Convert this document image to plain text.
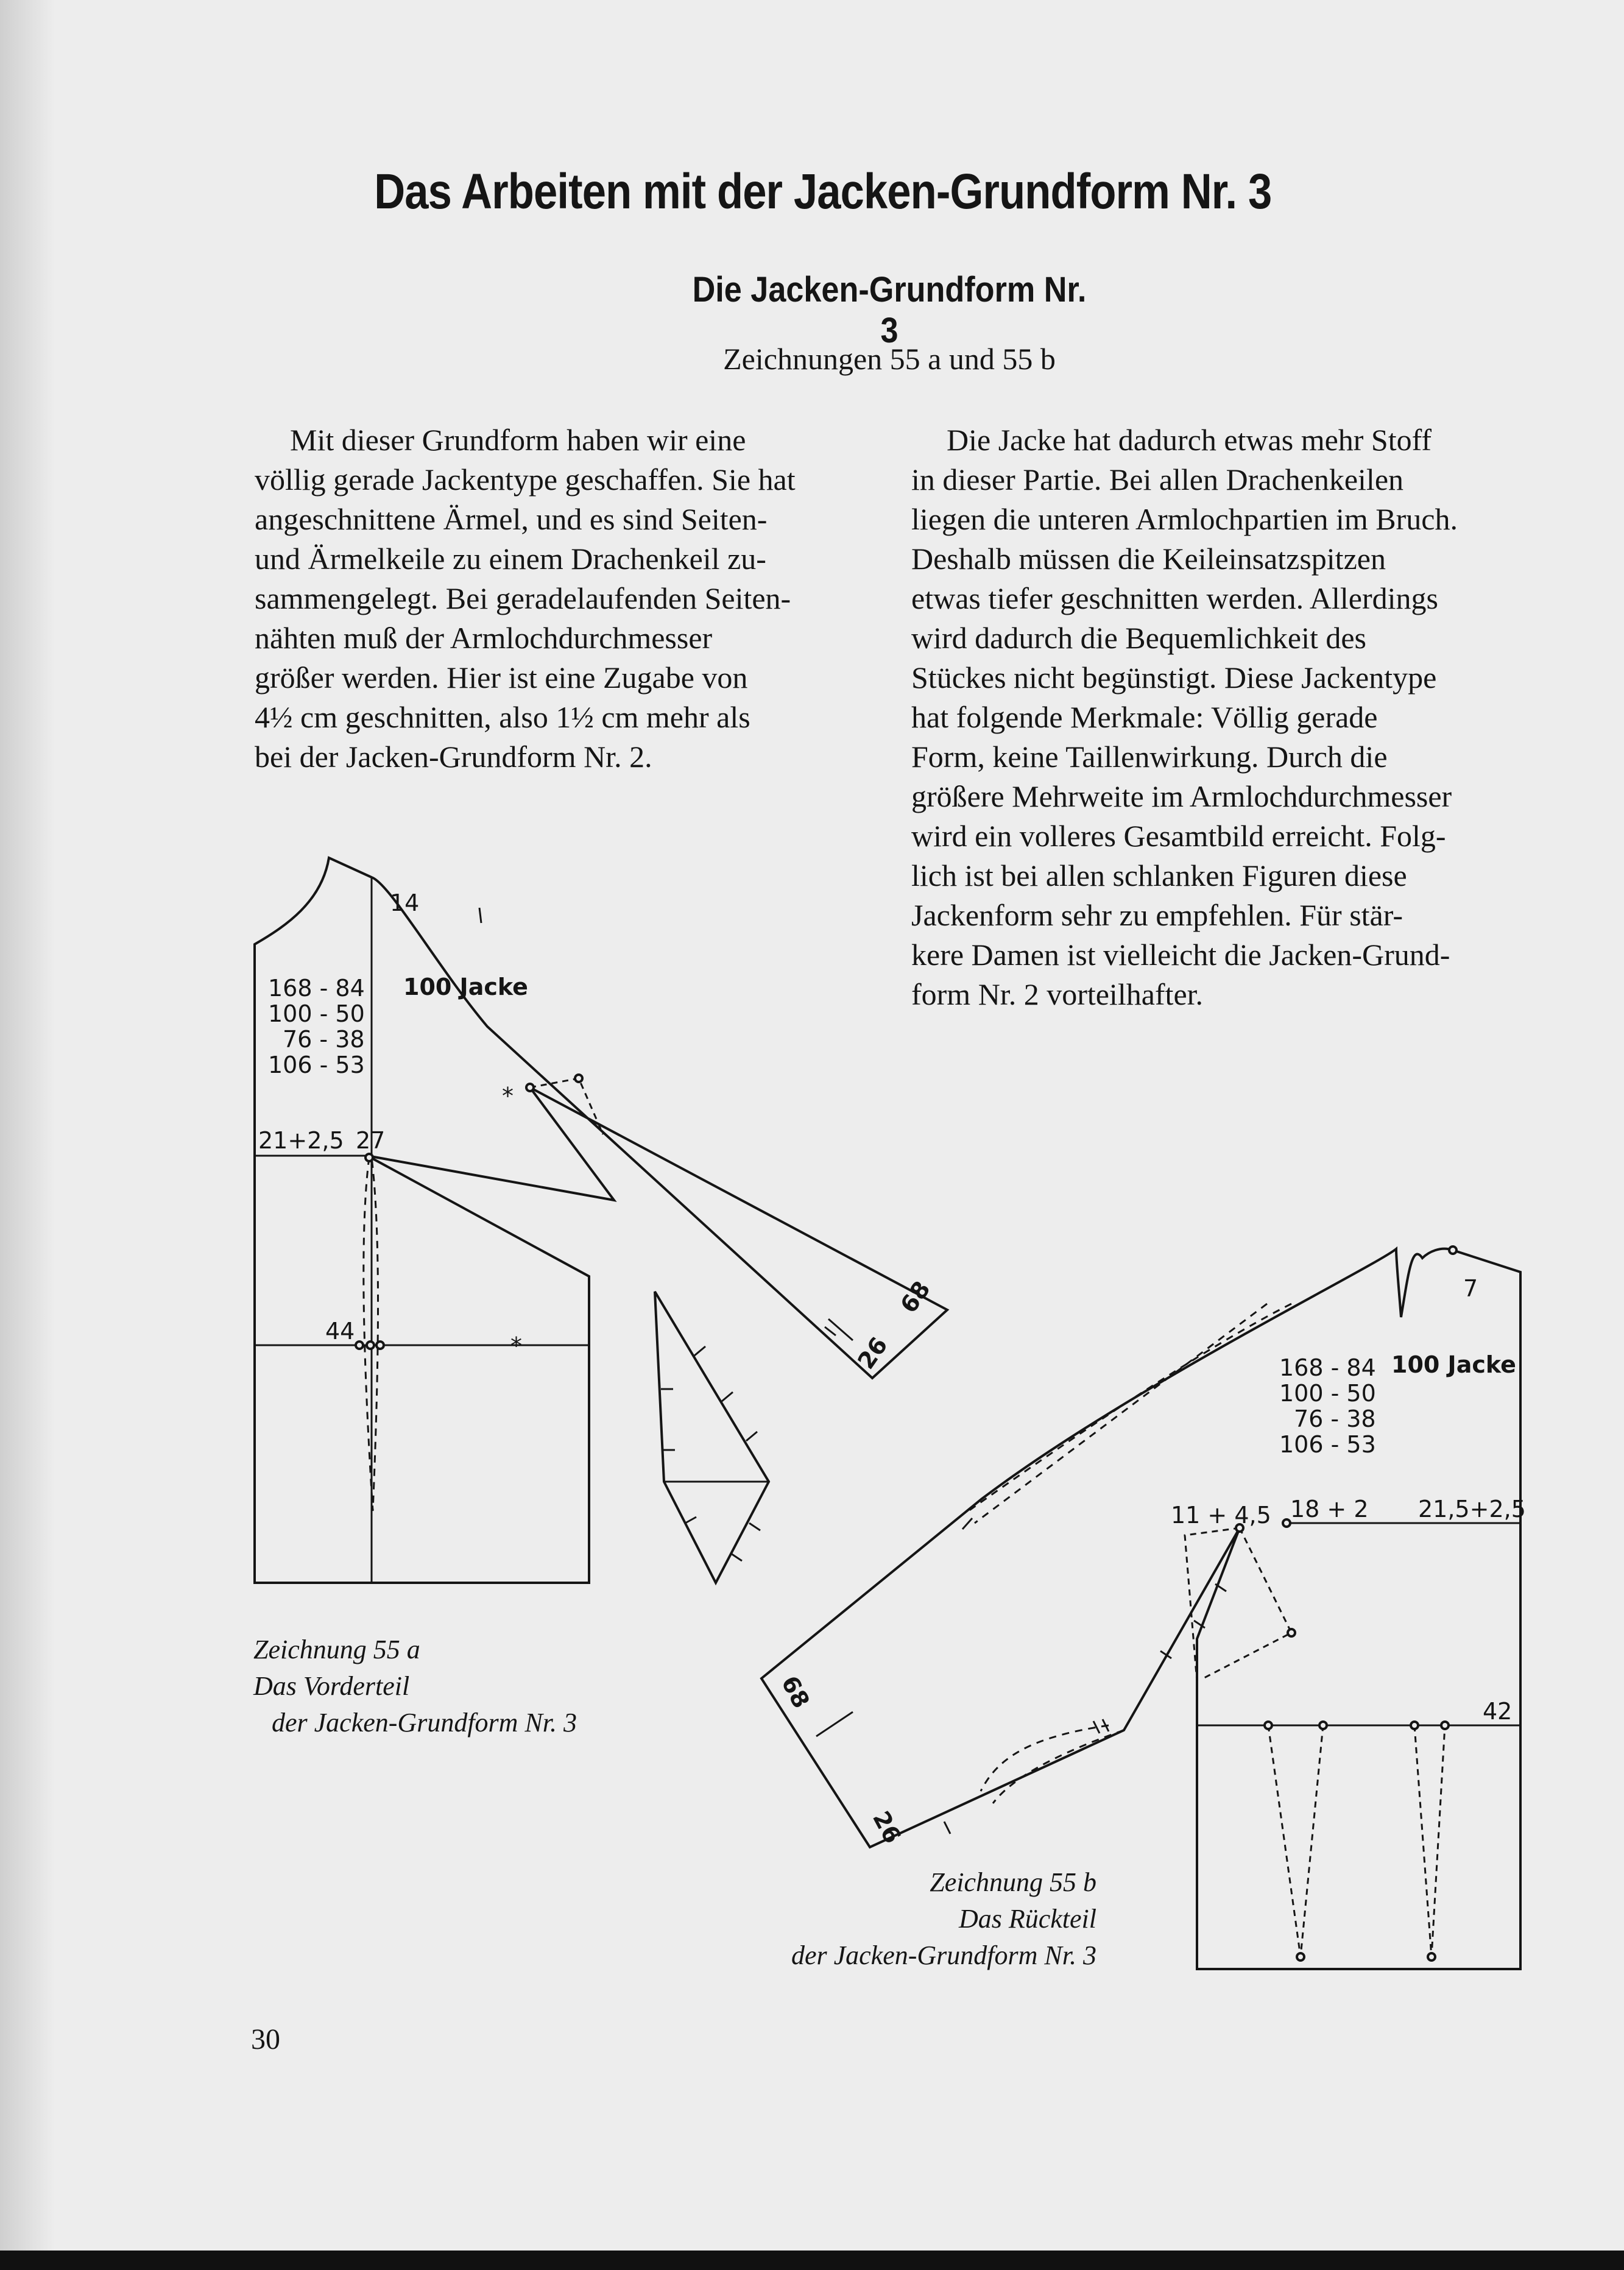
Das Arbeiten mit der Jacken-Grundform Nr. 3
Die Jacken-Grundform Nr. 3
Zeichnungen 55 a und 55 b

Mit dieser Grundform haben wir eine

völlig gerade Jackentype geschaffen. Sie hat

angeschnittene Ärmel, und es sind Seiten-

und Ärmelkeile zu einem Drachenkeil zu-

sammengelegt. Bei geradelaufenden Seiten-

nähten muß der Armlochdurchmesser

größer werden. Hier ist eine Zugabe von

4½ cm geschnitten, also 1½ cm mehr als

bei der Jacken-Grundform Nr. 2.

Die Jacke hat dadurch etwas mehr Stoff

in dieser Partie. Bei allen Drachenkeilen

liegen die unteren Armlochpartien im Bruch.

Deshalb müssen die Keileinsatzspitzen

etwas tiefer geschnitten werden. Allerdings

wird dadurch die Bequemlichkeit des

Stückes nicht begünstigt. Diese Jackentype

hat folgende Merkmale: Völlig gerade

Form, keine Taillenwirkung. Durch die

größere Mehrweite im Armlochdurchmesser

wird ein volleres Gesamtbild erreicht. Folg-

lich ist bei allen schlanken Figuren diese

Jackenform sehr zu empfehlen. Für stär-

kere Damen ist vielleicht die Jacken-Grund-

form Nr. 2 vorteilhafter.

*
*
14
100 Jacke
168 - 84
100 - 50
76 - 38
106 - 53
21+2,5 27
44
68
26
7
100 Jacke
168 - 84
100 - 50
76 - 38
106 - 53
11 + 4,5 18 + 2 21,5+2,5
42
68
26
Zeichnung 55 a
Das Vorderteil
der Jacken-Grundform Nr. 3
Zeichnung 55 b
Das Rückteil
der Jacken-Grundform Nr. 3
30
